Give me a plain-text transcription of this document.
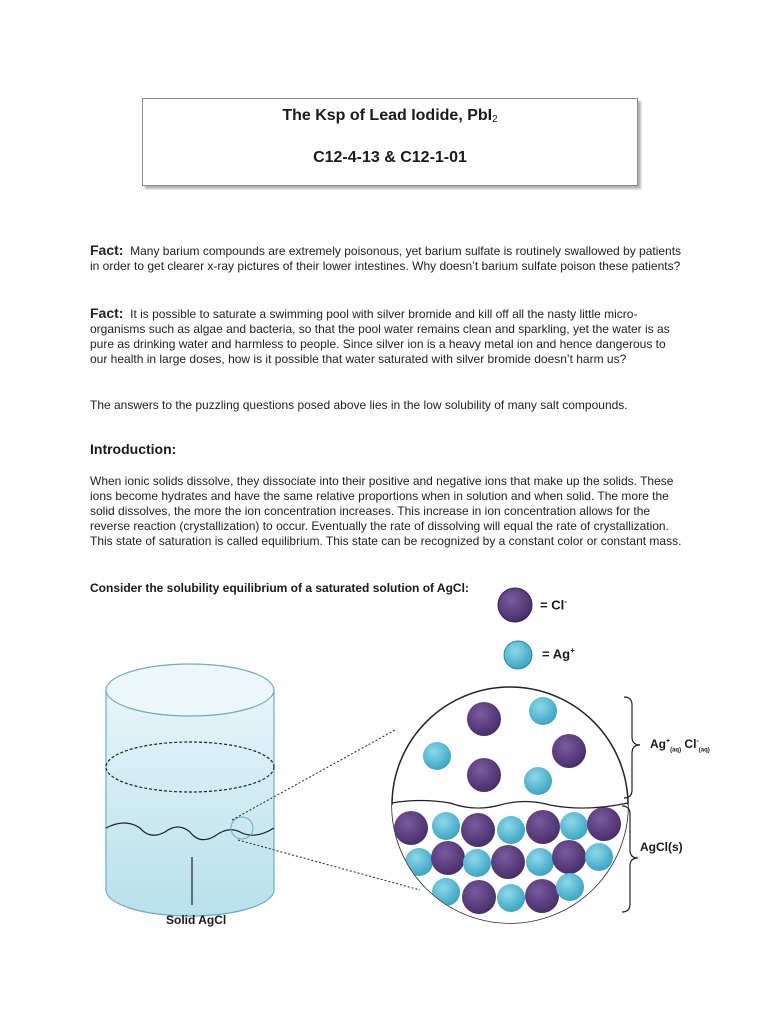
The Ksp of Lead Iodide, PbI$_2$
C12-4-13 & C12-1-01
Fact: Many barium compounds are extremely poisonous, yet barium sulfate is routinely swallowed by patients in order to get clearer x-ray pictures of their lower intestines. Why doesn’t barium sulfate poison these patients?
Fact: It is possible to saturate a swimming pool with silver bromide and kill off all the nasty little micro-organisms such as algae and bacteria, so that the pool water remains clean and sparkling, yet the water is as pure as drinking water and harmless to people. Since silver ion is a heavy metal ion and hence dangerous to our health in large doses, how is it possible that water saturated with silver bromide doesn’t harm us?
The answers to the puzzling questions posed above lies in the low solubility of many salt compounds.
Introduction:
When ionic solids dissolve, they dissociate into their positive and negative ions that make up the solids. These ions become hydrates and have the same relative proportions when in solution and when solid. The more the solid dissolves, the more the ion concentration increases. This increase in ion concentration allows for the reverse reaction (crystallization) to occur. Eventually the rate of dissolving will equal the rate of crystallization. This state of saturation is called equilibrium. This state can be recognized by a constant color or constant mass.
Consider the solubility equilibrium of a saturated solution of AgCl:
= Cl-
= Ag+
$Ag^+_{(aq)}$ $Cl^-_{(aq)}$
AgCl(s)
Solid AgCl
